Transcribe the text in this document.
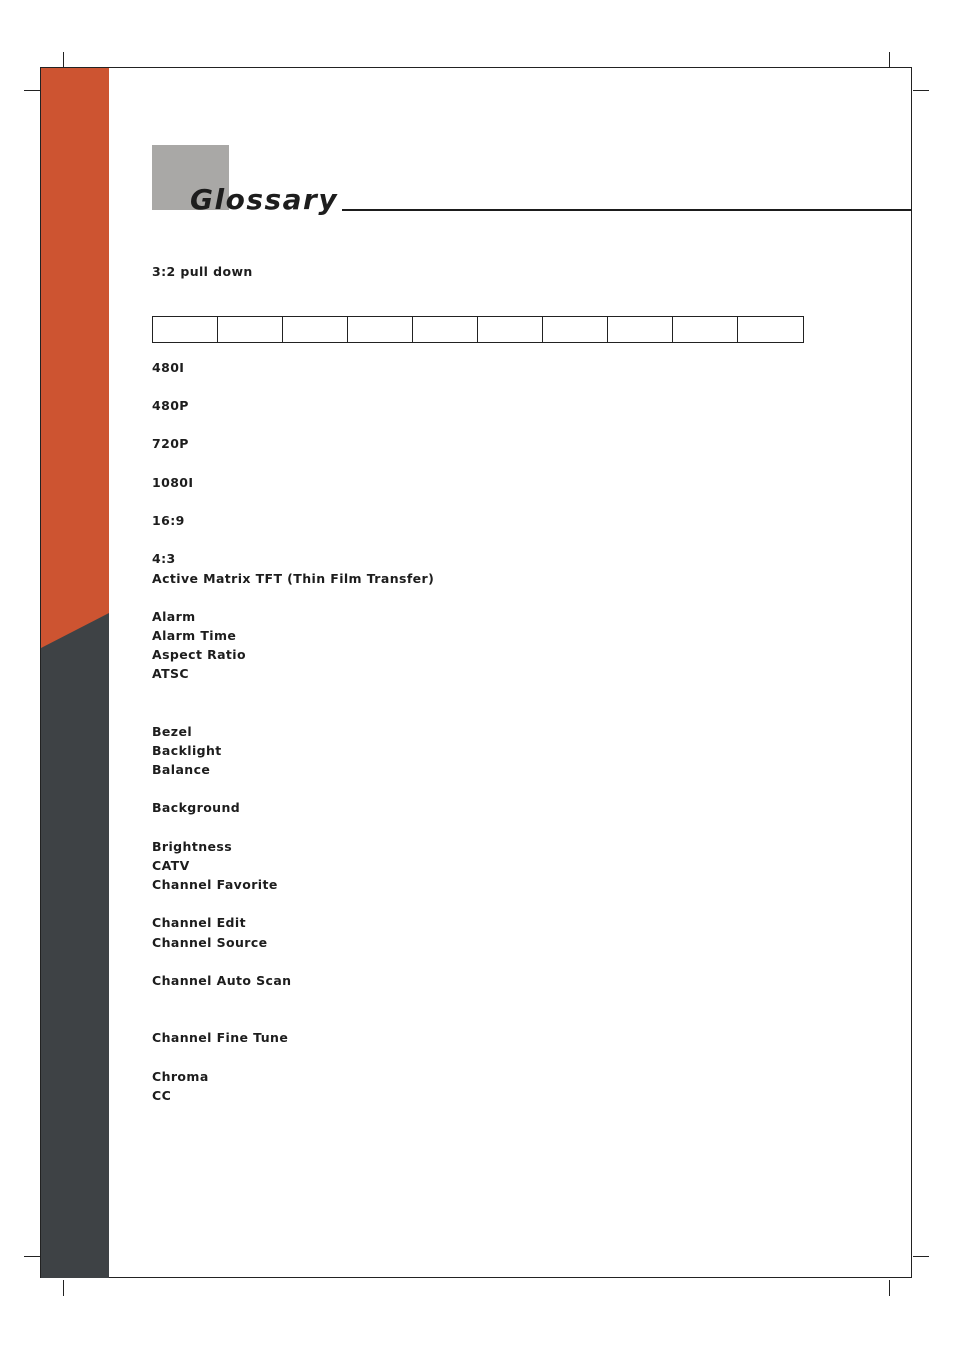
Glossary
3:2 pull down
480I
480P
720P
1080I
16:9
4:3
Active Matrix TFT (Thin Film Transfer)
Alarm
Alarm Time
Aspect Ratio
ATSC
Bezel
Backlight
Balance
Background
Brightness
CATV
Channel Favorite
Channel Edit
Channel Source
Channel Auto Scan
Channel Fine Tune
Chroma
CC
